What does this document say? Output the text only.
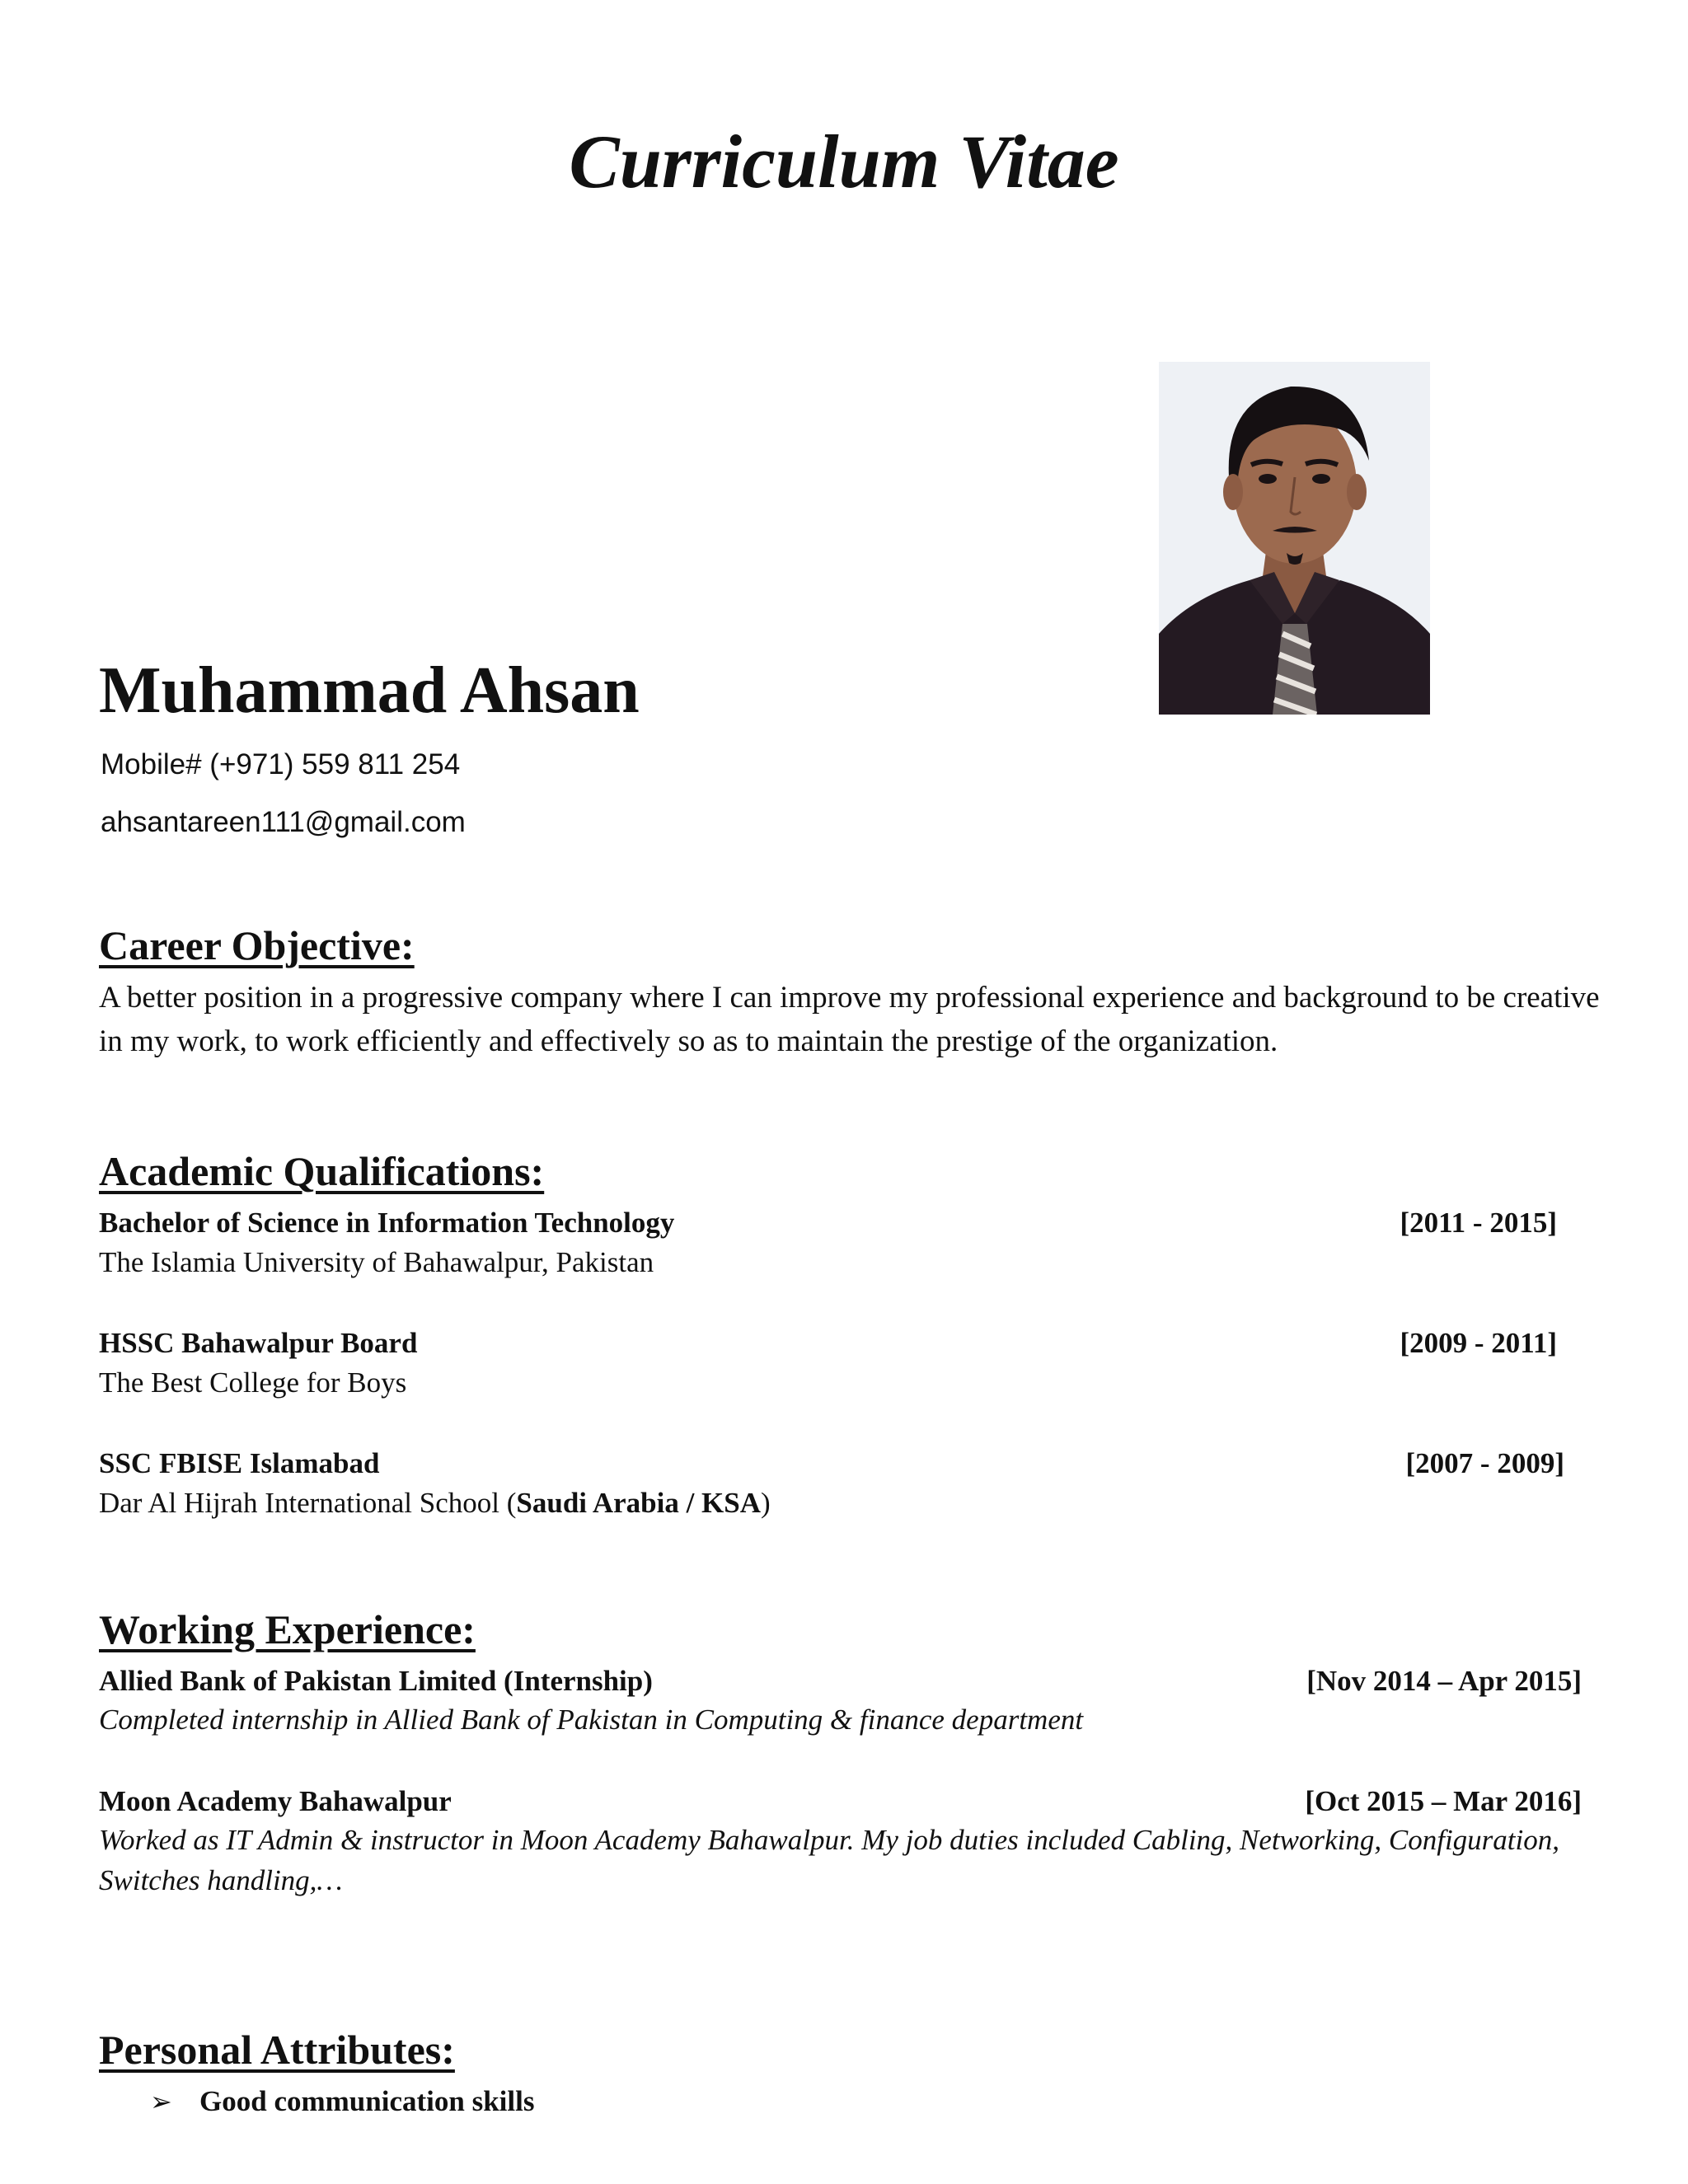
Curriculum Vitae
Muhammad Ahsan
Mobile# (+971) 559 811 254
ahsantareen111@gmail.com
Career Objective:
A better position in a progressive company where I can improve my professional experience and background to be creative in my work, to work efficiently and effectively so as to maintain the prestige of the organization.
Academic Qualifications:
Bachelor of Science in Information Technology	[2011 - 2015]
The Islamia University of Bahawalpur, Pakistan
HSSC Bahawalpur Board	[2009 - 2011]
The Best College for Boys
SSC FBISE Islamabad	[2007 - 2009]
Dar Al Hijrah International School (Saudi Arabia / KSA)
Working Experience:
Allied Bank of Pakistan Limited (Internship)	[Nov 2014 – Apr 2015]
Completed internship in Allied Bank of Pakistan in Computing & finance department
Moon Academy Bahawalpur	[Oct 2015 – Mar 2016]
Worked as IT Admin & instructor in Moon Academy Bahawalpur. My job duties included Cabling, Networking, Configuration, Switches handling,…
Personal Attributes:
➢ Good communication skills
